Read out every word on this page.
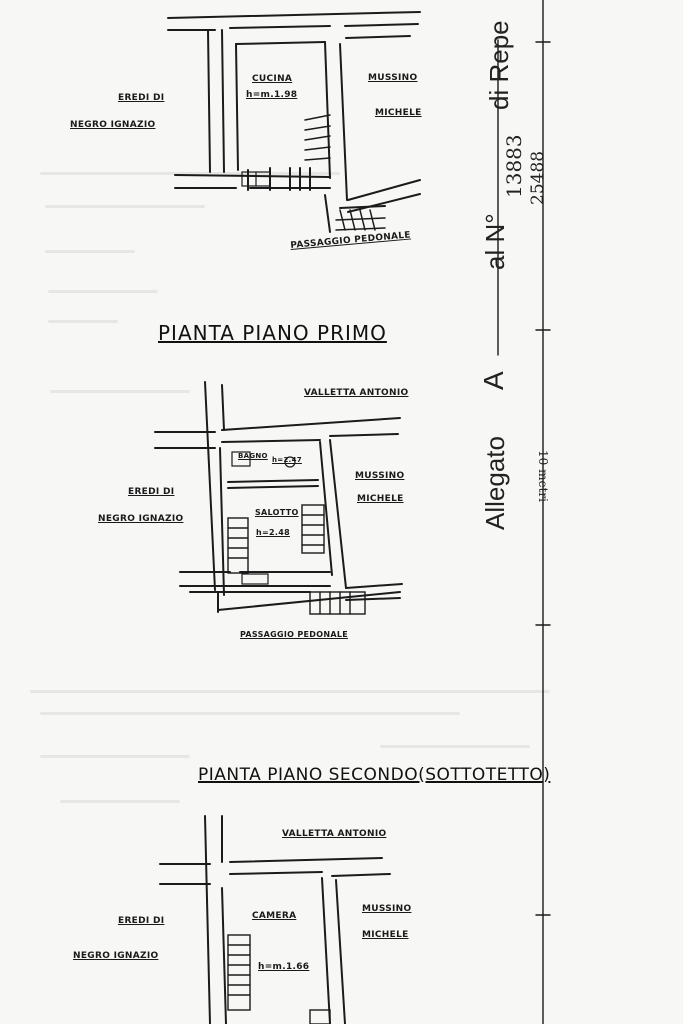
CUCINA
h=m.1.98
EREDI DI
NEGRO IGNAZIO
MUSSINO
MICHELE
PASSAGGIO PEDONALE
PIANTA PIANO PRIMO
VALLETTA ANTONIO
EREDI DI
NEGRO IGNAZIO
MUSSINO
MICHELE
BAGNO h=2.47
SALOTTO
h=2.48
PASSAGGIO PEDONALE
PIANTA PIANO SECONDO(SOTTOTETTO)
VALLETTA ANTONIO
EREDI DI
NEGRO IGNAZIO
MUSSINO
MICHELE
CAMERA
h=m.1.66
Allegato
A
al N°
13883 25488
di Repe
10 metri
